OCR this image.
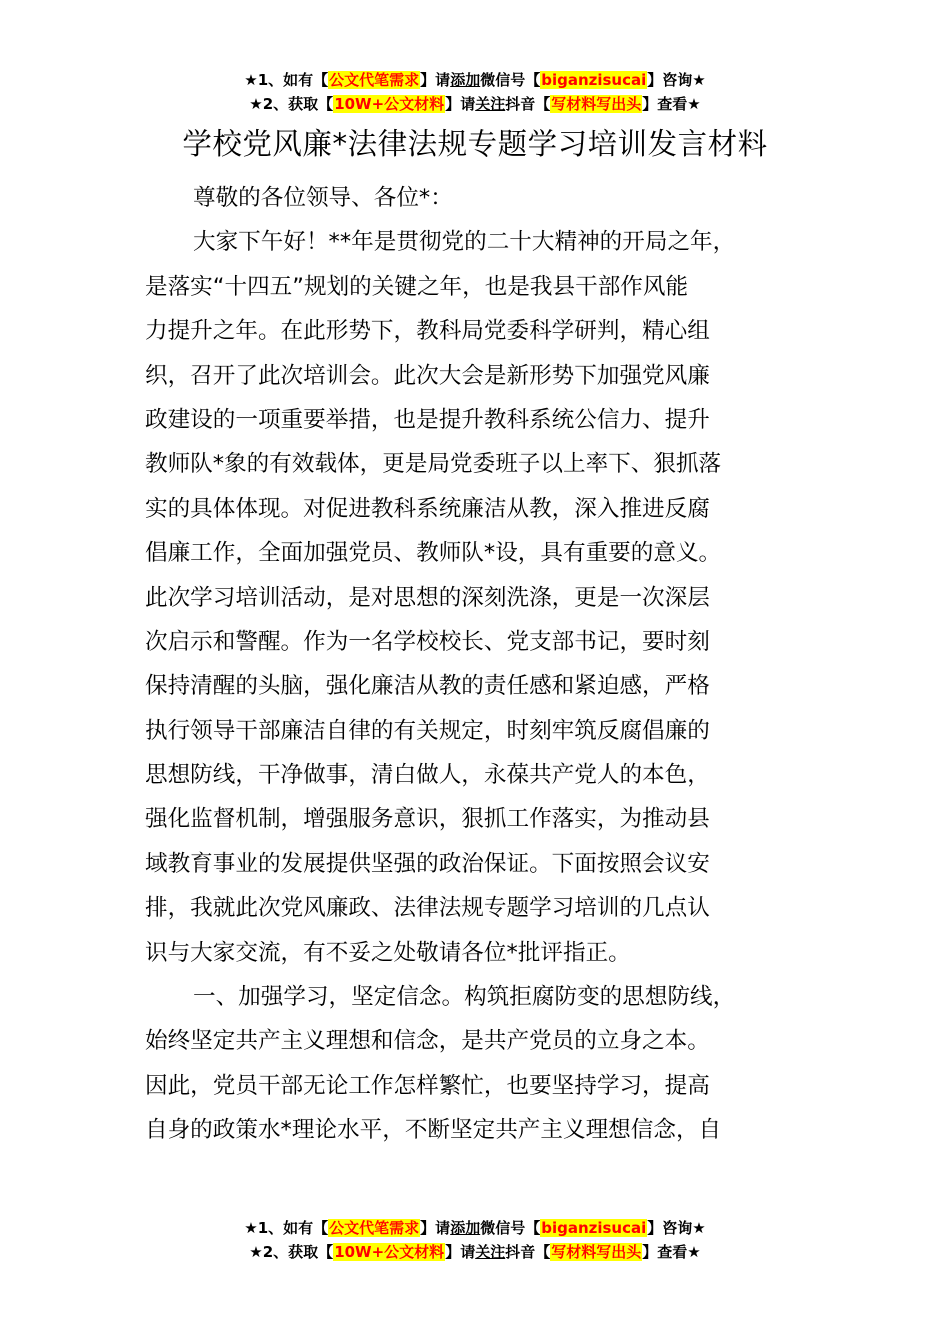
★1、如有【公文代笔需求】请添加微信号【biganzisucai】咨询★
★2、获取【10W+公文材料】请关注抖音【写材料写出头】查看★
学校党风廉*法律法规专题学习培训发言材料

尊敬的各位领导、各位*：

大家下午好！**年是贯彻党的二十大精神的开局之年，
是落实“十四五”规划的关键之年，也是我县干部作风能
力提升之年。在此形势下，教科局党委科学研判，精心组
织，召开了此次培训会。此次大会是新形势下加强党风廉
政建设的一项重要举措，也是提升教科系统公信力、提升
教师队*象的有效载体，更是局党委班子以上率下、狠抓落
实的具体体现。对促进教科系统廉洁从教，深入推进反腐
倡廉工作，全面加强党员、教师队*设，具有重要的意义。
此次学习培训活动，是对思想的深刻洗涤，更是一次深层
次启示和警醒。作为一名学校校长、党支部书记，要时刻
保持清醒的头脑，强化廉洁从教的责任感和紧迫感，严格
执行领导干部廉洁自律的有关规定，时刻牢筑反腐倡廉的
思想防线，干净做事，清白做人，永葆共产党人的本色，
强化监督机制，增强服务意识，狠抓工作落实，为推动县
域教育事业的发展提供坚强的政治保证。下面按照会议安
排，我就此次党风廉政、法律法规专题学习培训的几点认
识与大家交流，有不妥之处敬请各位*批评指正。

一、加强学习，坚定信念。构筑拒腐防变的思想防线，
始终坚定共产主义理想和信念，是共产党员的立身之本。
因此，党员干部无论工作怎样繁忙，也要坚持学习，提高
自身的政策水*理论水平，不断坚定共产主义理想信念，自

★1、如有【公文代笔需求】请添加微信号【biganzisucai】咨询★
★2、获取【10W+公文材料】请关注抖音【写材料写出头】查看★
